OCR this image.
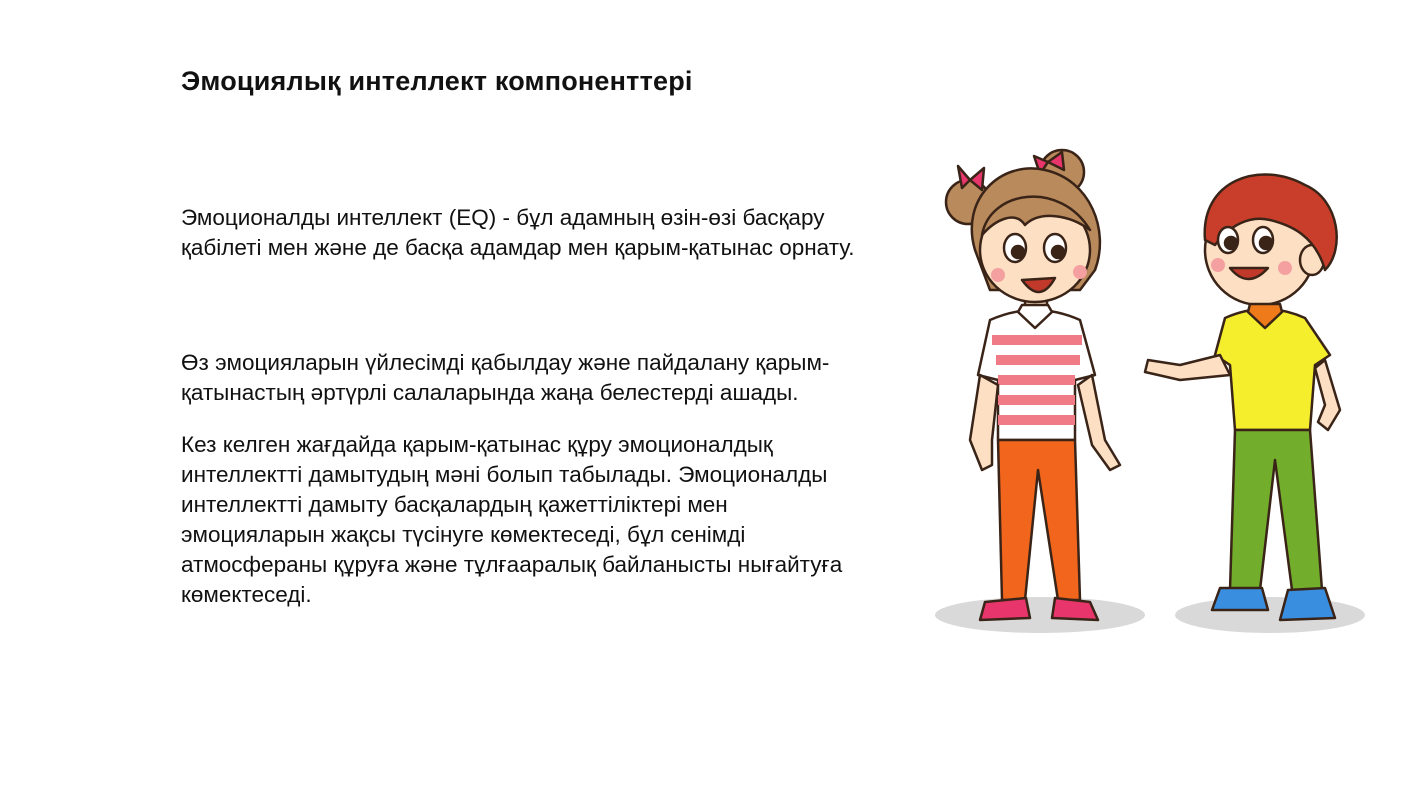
Эмоциялық интеллект компоненттері

Эмоционалды интеллект (EQ) - бұл адамның өзін-өзі басқару
қабілеті мен және де басқа адамдар мен қарым-қатынас орнату.

Өз эмоцияларын үйлесімді қабылдау және пайдалану қарым-
қатынастың әртүрлі салаларында жаңа белестерді ашады.

Кез келген жағдайда қарым-қатынас құру эмоционалдық
интеллектті дамытудың мәні болып табылады. Эмоционалды
интеллектті дамыту басқалардың қажеттіліктері мен
эмоцияларын жақсы түсінуге көмектеседі, бұл сенімді
атмосфераны құруға және тұлғааралық байланысты нығайтуға
көмектеседі.
